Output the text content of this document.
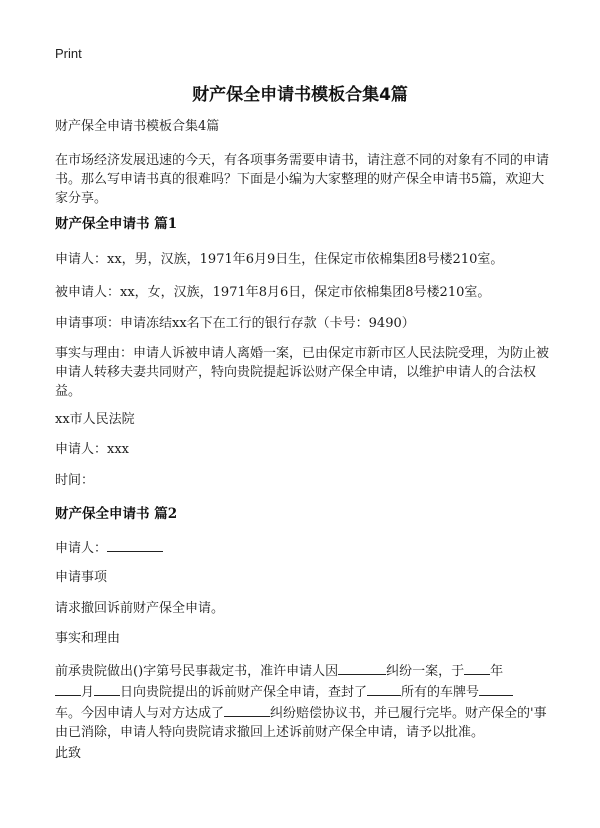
Print
财产保全申请书模板合集4篇
财产保全申请书模板合集4篇
在市场经济发展迅速的今天，有各项事务需要申请书，请注意不同的对象有不同的申请书。那么写申请书真的很难吗？下面是小编为大家整理的财产保全申请书5篇，欢迎大家分享。
财产保全申请书 篇1
申请人：xx，男，汉族，1971年6月9日生，住保定市依棉集团8号楼210室。
被申请人：xx，女，汉族，1971年8月6日，保定市依棉集团8号楼210室。
申请事项：申请冻结xx名下在工行的银行存款（卡号：9490）
事实与理由：申请人诉被申请人离婚一案，已由保定市新市区人民法院受理，为防止被申请人转移夫妻共同财产，特向贵院提起诉讼财产保全申请，以维护申请人的合法权益。
xx市人民法院
申请人：xxx
时间：
财产保全申请书 篇2
申请人：
申请事项
请求撤回诉前财产保全申请。
事实和理由
前承贵院做出()字第号民事裁定书，准许申请人因	纠纷一案，于 年
月 日向贵院提出的诉前财产保全申请，查封了	所有的车牌号
车。今因申请人与对方达成了	纠纷赔偿协议书，并已履行完毕。财产保全的'事由已消除，申请人特向贵院请求撤回上述诉前财产保全申请，请予以批准。
此致
